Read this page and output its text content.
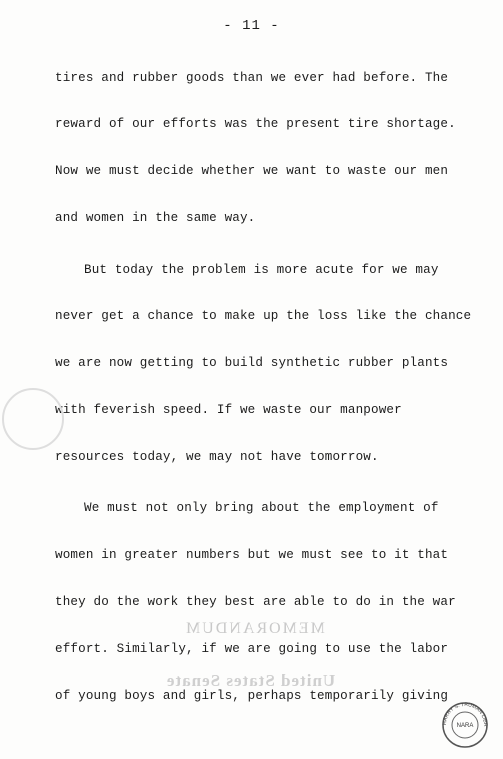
- 11 -
tires and rubber goods than we ever had before. The
reward of our efforts was the present tire shortage.
Now we must decide whether we want to waste our men
and women in the same way.
But today the problem is more acute for we may
never get a chance to make up the loss like the chance
we are now getting to build synthetic rubber plants
with feverish speed. If we waste our manpower
resources today, we may not have tomorrow.
We must not only bring about the employment of
women in greater numbers but we must see to it that
they do the work they best are able to do in the war
effort. Similarly, if we are going to use the labor
of young boys and girls, perhaps temporarily giving
MEMORANDUM
United States Senate
HARRY S. TRUMAN LIBR
NARA
